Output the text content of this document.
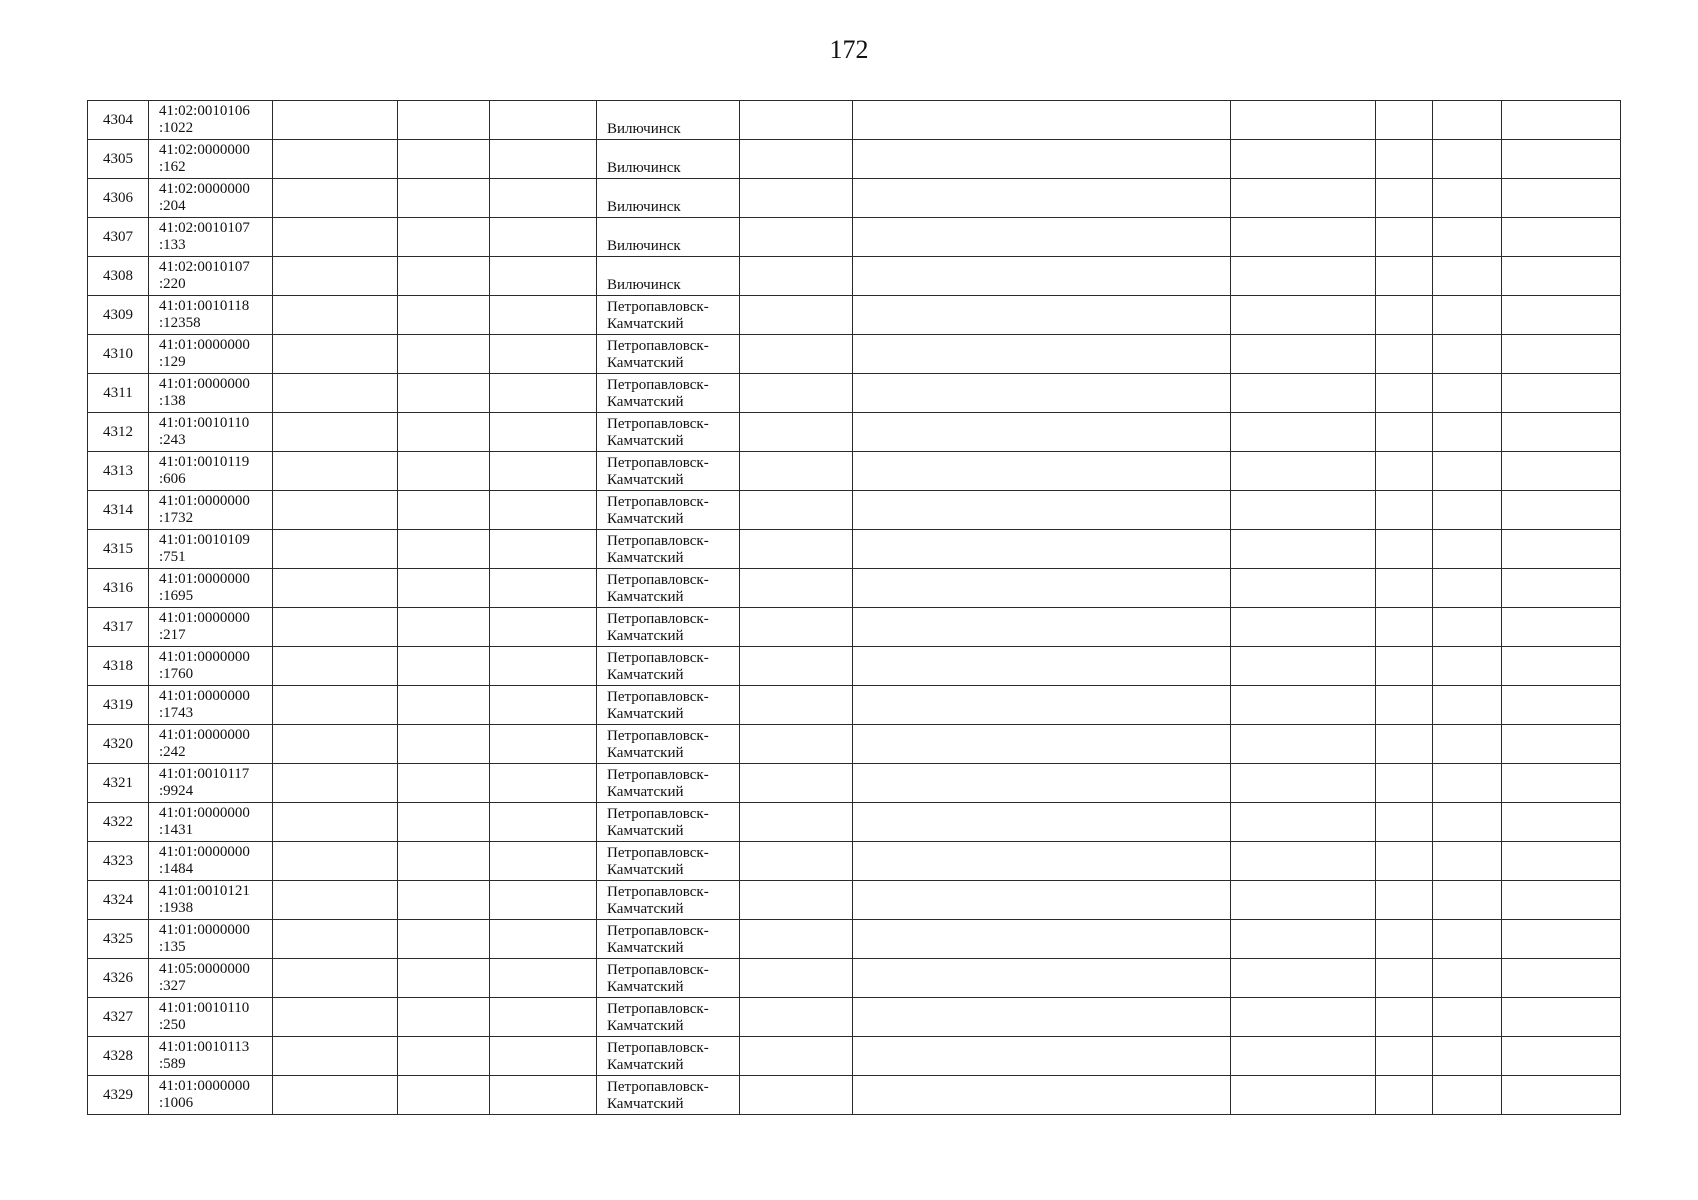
172
4304	41:02:0010106
:1022				Вилючинск						

4305	41:02:0000000
:162				Вилючинск						

4306	41:02:0000000
:204				Вилючинск						

4307	41:02:0010107
:133				Вилючинск						

4308	41:02:0010107
:220				Вилючинск						

4309	41:01:0010118
:12358				Петропавловск-
Камчатский						

4310	41:01:0000000
:129				Петропавловск-
Камчатский						

4311	41:01:0000000
:138				Петропавловск-
Камчатский						

4312	41:01:0010110
:243				Петропавловск-
Камчатский						

4313	41:01:0010119
:606				Петропавловск-
Камчатский						

4314	41:01:0000000
:1732				Петропавловск-
Камчатский						

4315	41:01:0010109
:751				Петропавловск-
Камчатский						

4316	41:01:0000000
:1695				Петропавловск-
Камчатский						

4317	41:01:0000000
:217				Петропавловск-
Камчатский						

4318	41:01:0000000
:1760				Петропавловск-
Камчатский						

4319	41:01:0000000
:1743				Петропавловск-
Камчатский						

4320	41:01:0000000
:242				Петропавловск-
Камчатский						

4321	41:01:0010117
:9924				Петропавловск-
Камчатский						

4322	41:01:0000000
:1431				Петропавловск-
Камчатский						

4323	41:01:0000000
:1484				Петропавловск-
Камчатский						

4324	41:01:0010121
:1938				Петропавловск-
Камчатский						

4325	41:01:0000000
:135				Петропавловск-
Камчатский						

4326	41:05:0000000
:327				Петропавловск-
Камчатский						

4327	41:01:0010110
:250				Петропавловск-
Камчатский						

4328	41:01:0010113
:589				Петропавловск-
Камчатский						

4329	41:01:0000000
:1006				Петропавловск-
Камчатский						
